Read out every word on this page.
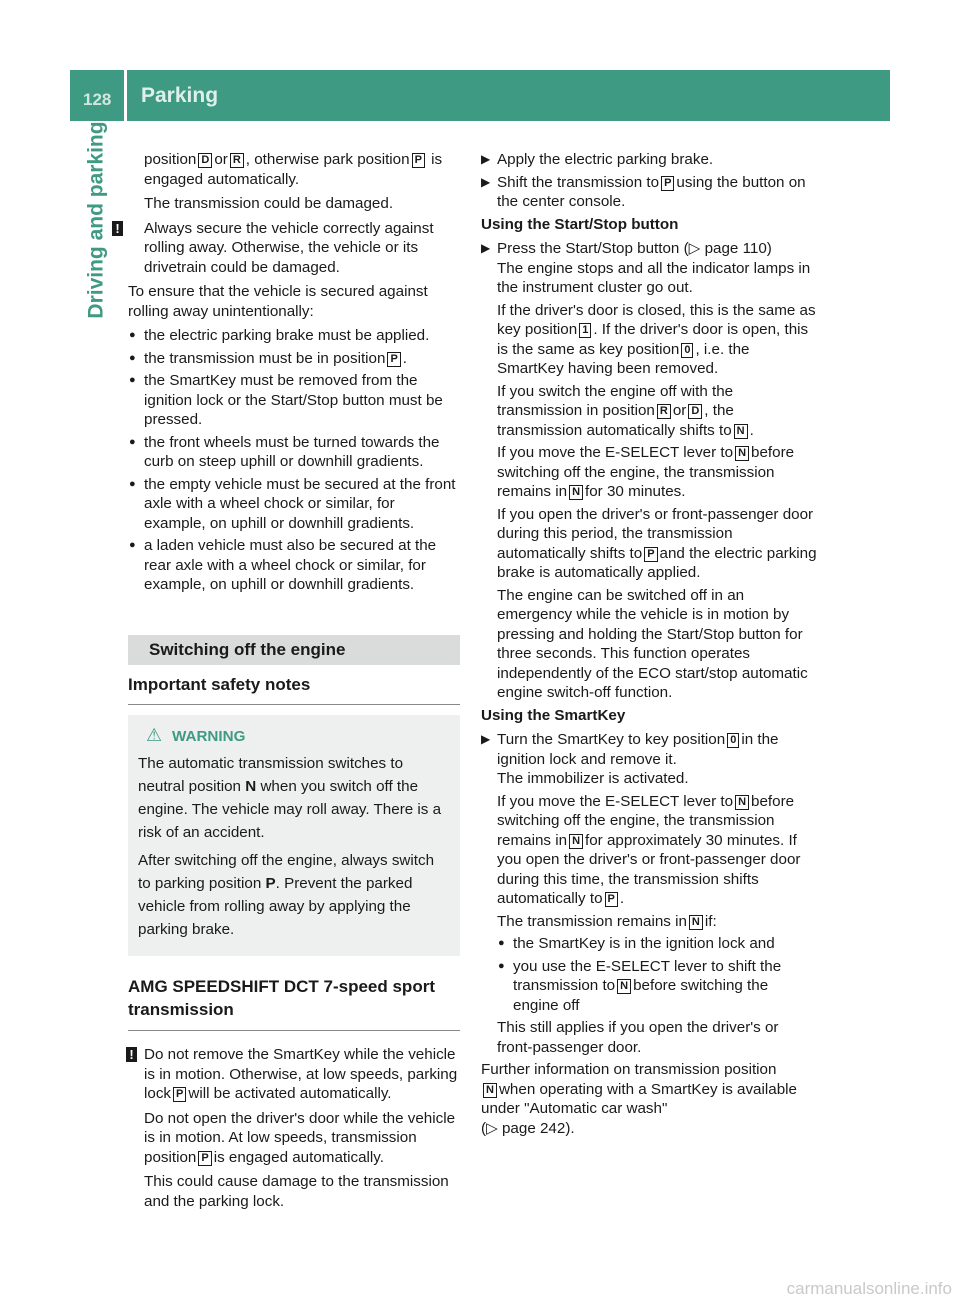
128 Parking
Driving and parking	position D or R , otherwise park position P is engaged automatically.

The transmission could be damaged.

! Always secure the vehicle correctly against rolling away. Otherwise, the vehicle or its drivetrain could be damaged.

To ensure that the vehicle is secured against rolling away unintentionally:

● the electric parking brake must be applied.
● the transmission must be in position P .
● the SmartKey must be removed from the ignition lock or the Start/Stop button must be pressed.
● the front wheels must be turned towards the curb on steep uphill or downhill gradients.
● the empty vehicle must be secured at the front axle with a wheel chock or similar, for example, on uphill or downhill gradients.
● a laden vehicle must also be secured at the rear axle with a wheel chock or similar, for example, on uphill or downhill gradients.
Switching off the engine
Important safety notes
⚠ WARNING

The automatic transmission switches to neutral position N when you switch off the engine. The vehicle may roll away. There is a risk of an accident.

After switching off the engine, always switch to parking position P. Prevent the parked vehicle from rolling away by applying the parking brake.

AMG SPEEDSHIFT DCT 7-speed sport transmission

! Do not remove the SmartKey while the vehicle is in motion. Otherwise, at low speeds, parking lock P will be activated automatically.

Do not open the driver's door while the vehicle is in motion. At low speeds, transmission position P is engaged automatically.

This could cause damage to the transmission and the parking lock.

▶ Apply the electric parking brake.
▶ Shift the transmission to P using the button on the center console.
Using the Start/Stop button
▶ Press the Start/Stop button (▷ page 110)
The engine stops and all the indicator lamps in the instrument cluster go out.

If the driver's door is closed, this is the same as key position 1 . If the driver's door is open, this is the same as key position 0 , i.e. the SmartKey having been removed.

If you switch the engine off with the transmission in position R or D , the transmission automatically shifts to N .

If you move the E-SELECT lever to N before switching off the engine, the transmission remains in N for 30 minutes.

If you open the driver's or front-passenger door during this period, the transmission automatically shifts to P and the electric parking brake is automatically applied.

The engine can be switched off in an emergency while the vehicle is in motion by pressing and holding the Start/Stop button for three seconds. This function operates independently of the ECO start/stop automatic engine switch-off function.

Using the SmartKey
▶ Turn the SmartKey to key position 0 in the ignition lock and remove it.
The immobilizer is activated.

If you move the E-SELECT lever to N before switching off the engine, the transmission remains in N for approximately 30 minutes. If you open the driver's or front-passenger door during this time, the transmission shifts automatically to P .

The transmission remains in N if:

● the SmartKey is in the ignition lock and
● you use the E-SELECT lever to shift the transmission to N before switching the engine off

This still applies if you open the driver's or front-passenger door.

Further information on transmission position
N when operating with a SmartKey is available under "Automatic car wash"
(▷ page 242).

carmanualsonline.info
